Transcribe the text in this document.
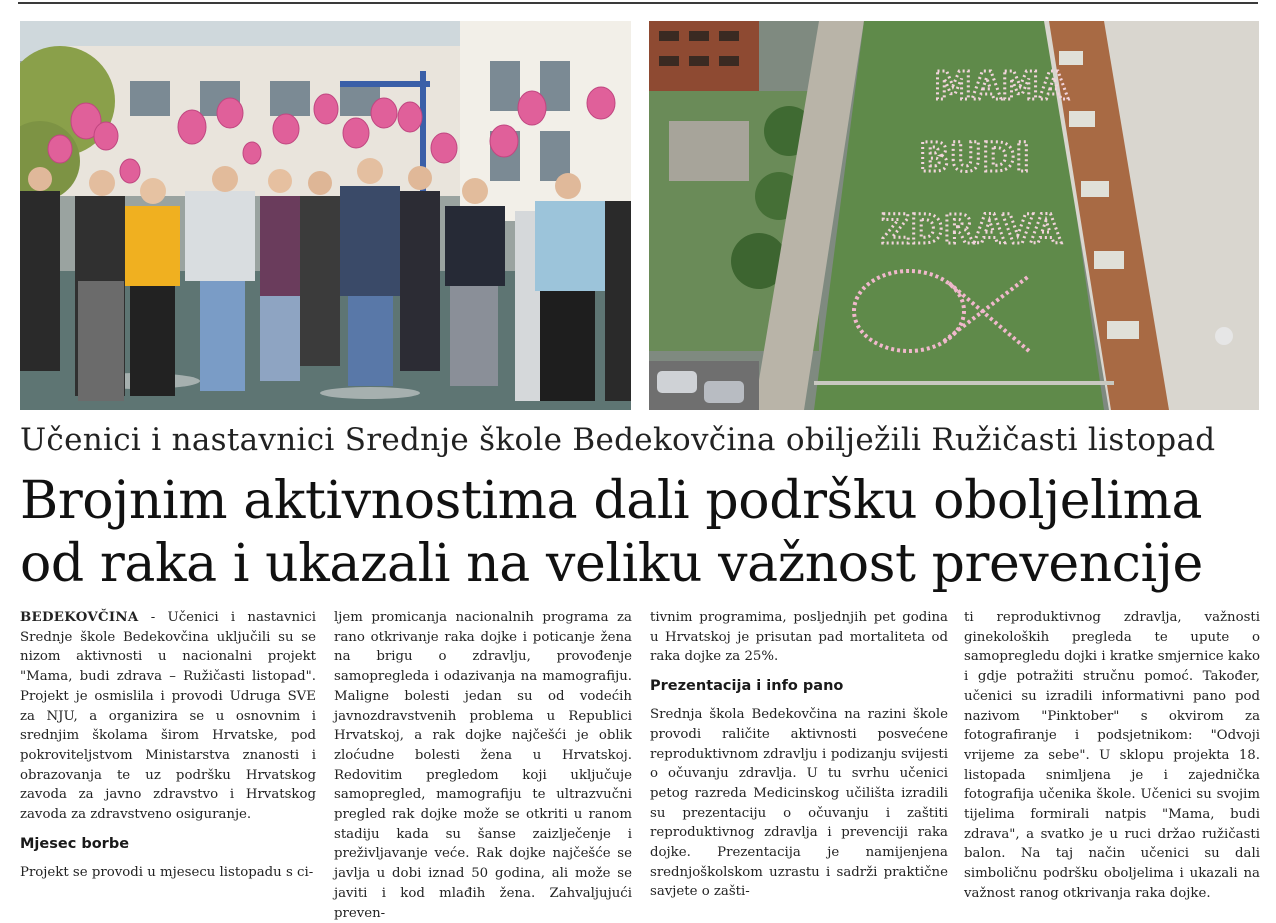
MAMA
BUDI
ZDRAVA
Učenici i nastavnici Srednje škole Bedekovčina obilježili Ružičasti listopad
Brojnim aktivnostima dali podršku oboljelima
od raka i ukazali na veliku važnost prevencije

BEDEKOVČINA - Učenici i nastavnici Srednje škole Bedekovčina uključili su se nizom aktivnosti u nacionalni projekt "Mama, budi zdrava – Ružičasti listopad". Projekt je osmislila i provodi Udruga SVE za NJU, a organizira se u osnovnim i srednjim školama širom Hrvatske, pod pokroviteljstvom Ministarstva znanosti i obrazovanja te uz podršku Hrvatskog zavoda za javno zdravstvo i Hrvatskog zavoda za zdravstveno osiguranje.

Mjesec borbe

Projekt se provodi u mjesecu listopadu s ci-

ljem promicanja nacionalnih programa za rano otkrivanje raka dojke i poticanje žena na brigu o zdravlju, provođenje samopregleda i odazivanja na mamografiju. Maligne bolesti jedan su od vodećih javnozdravstvenih problema u Republici Hrvatskoj, a rak dojke najčešći je oblik zloćudne bolesti žena u Hrvatskoj. Redovitim pregledom koji uključuje samopregled, mamografiju te ultrazvučni pregled rak dojke može se otkriti u ranom stadiju kada su šanse zaizlječenje i preživljavanje veće. Rak dojke najčešće se javlja u dobi iznad 50 godina, ali može se javiti i kod mlađih žena. Zahvaljujući preven-

tivnim programima, posljednjih pet godina u Hrvatskoj je prisutan pad mortaliteta od raka dojke za 25%.

Prezentacija i info pano

Srednja škola Bedekovčina na razini škole provodi raličite aktivnosti posvećene reproduktivnom zdravlju i podizanju svijesti o očuvanju zdravlja. U tu svrhu učenici petog razreda Medicinskog učilišta izradili su prezentaciju o očuvanju i zaštiti reproduktivnog zdravlja i prevenciji raka dojke. Prezentacija je namijenjena srednjoškolskom uzrastu i sadrži praktične savjete o zašti-

ti reproduktivnog zdravlja, važnosti ginekoloških pregleda te upute o samopregledu dojki i kratke smjernice kako i gdje potražiti stručnu pomoć. Također, učenici su izradili informativni pano pod nazivom "Pinktober" s okvirom za fotografiranje i podsjetnikom: "Odvoji vrijeme za sebe". U sklopu projekta 18. listopada snimljena je i zajednička fotografija učenika škole. Učenici su svojim tijelima formirali natpis "Mama, budi zdrava", a svatko je u ruci držao ružičasti balon. Na taj način učenici su dali simboličnu podršku oboljelima i ukazali na važnost ranog otkrivanja raka dojke.
